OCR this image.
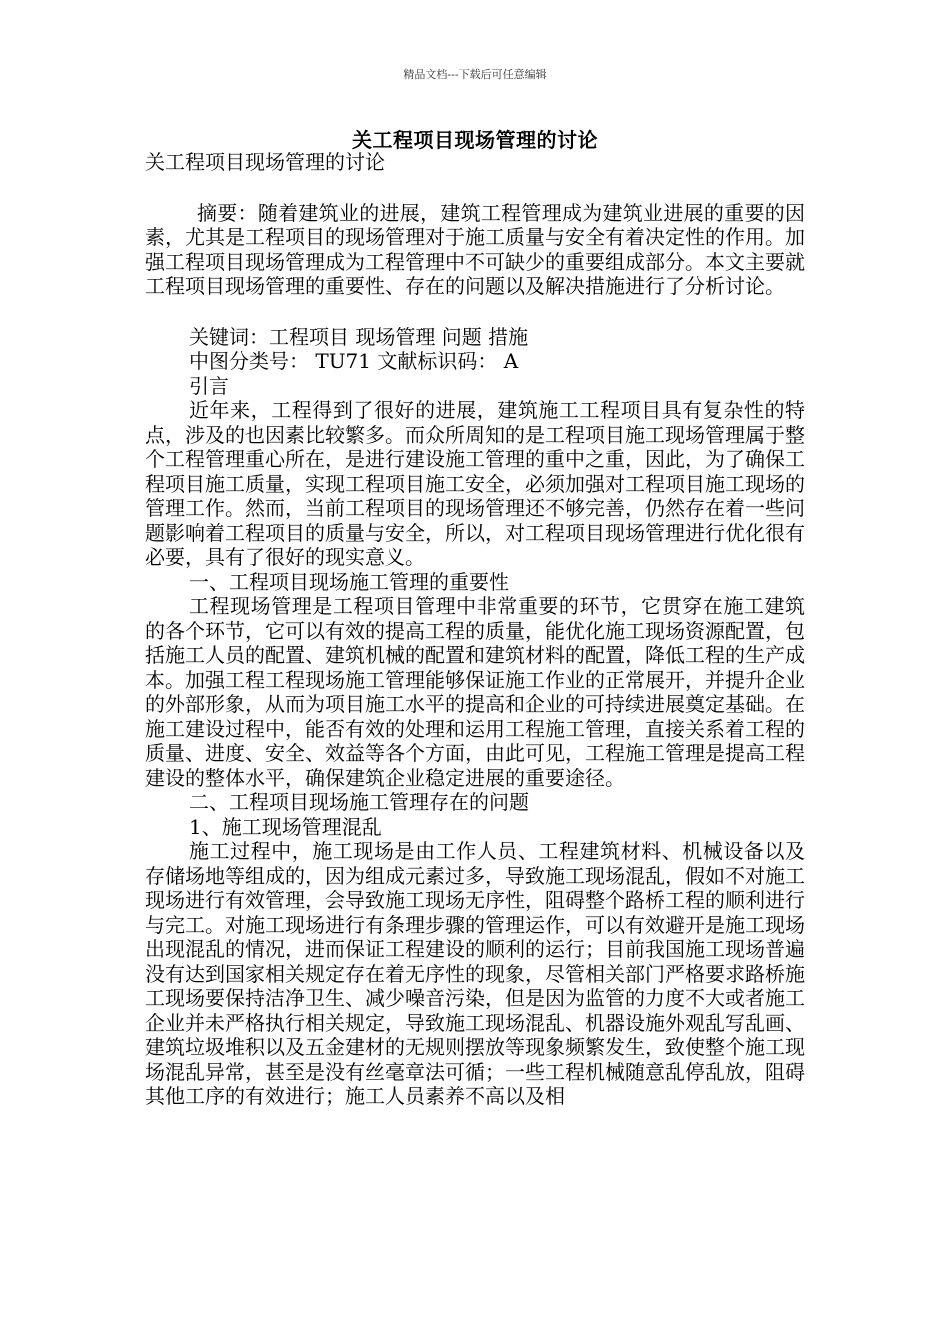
精品文档---下载后可任意编辑
关工程项目现场管理的讨论

关工程项目现场管理的讨论

摘要：随着建筑业的进展，建筑工程管理成为建筑业进展的重要的因素，尤其是工程项目的现场管理对于施工质量与安全有着决定性的作用。加强工程项目现场管理成为工程管理中不可缺少的重要组成部分。本文主要就工程项目现场管理的重要性、存在的问题以及解决措施进行了分析讨论。

关键词：工程项目 现场管理 问题 措施

中图分类号： TU71 文献标识码： A

引言

近年来，工程得到了很好的进展，建筑施工工程项目具有复杂性的特点，涉及的也因素比较繁多。而众所周知的是工程项目施工现场管理属于整个工程管理重心所在，是进行建设施工管理的重中之重，因此，为了确保工程项目施工质量，实现工程项目施工安全，必须加强对工程项目施工现场的管理工作。然而，当前工程项目的现场管理还不够完善，仍然存在着一些问题影响着工程项目的质量与安全，所以，对工程项目现场管理进行优化很有必要，具有了很好的现实意义。

一、工程项目现场施工管理的重要性

工程现场管理是工程项目管理中非常重要的环节，它贯穿在施工建筑的各个环节，它可以有效的提高工程的质量，能优化施工现场资源配置，包括施工人员的配置、建筑机械的配置和建筑材料的配置，降低工程的生产成本。加强工程工程现场施工管理能够保证施工作业的正常展开，并提升企业的外部形象，从而为项目施工水平的提高和企业的可持续进展奠定基础。在施工建设过程中，能否有效的处理和运用工程施工管理，直接关系着工程的质量、进度、安全、效益等各个方面，由此可见，工程施工管理是提高工程建设的整体水平，确保建筑企业稳定进展的重要途径。

二、工程项目现场施工管理存在的问题

1、施工现场管理混乱

施工过程中，施工现场是由工作人员、工程建筑材料、机械设备以及存储场地等组成的，因为组成元素过多，导致施工现场混乱，假如不对施工现场进行有效管理，会导致施工现场无序性，阻碍整个路桥工程的顺利进行与完工。对施工现场进行有条理步骤的管理运作，可以有效避开是施工现场出现混乱的情况，进而保证工程建设的顺利的运行；目前我国施工现场普遍没有达到国家相关规定存在着无序性的现象，尽管相关部门严格要求路桥施工现场要保持洁净卫生、减少噪音污染，但是因为监管的力度不大或者施工企业并未严格执行相关规定，导致施工现场混乱、机器设施外观乱写乱画、建筑垃圾堆积以及五金建材的无规则摆放等现象频繁发生，致使整个施工现场混乱异常，甚至是没有丝毫章法可循；一些工程机械随意乱停乱放，阻碍其他工序的有效进行；施工人员素养不高以及相
